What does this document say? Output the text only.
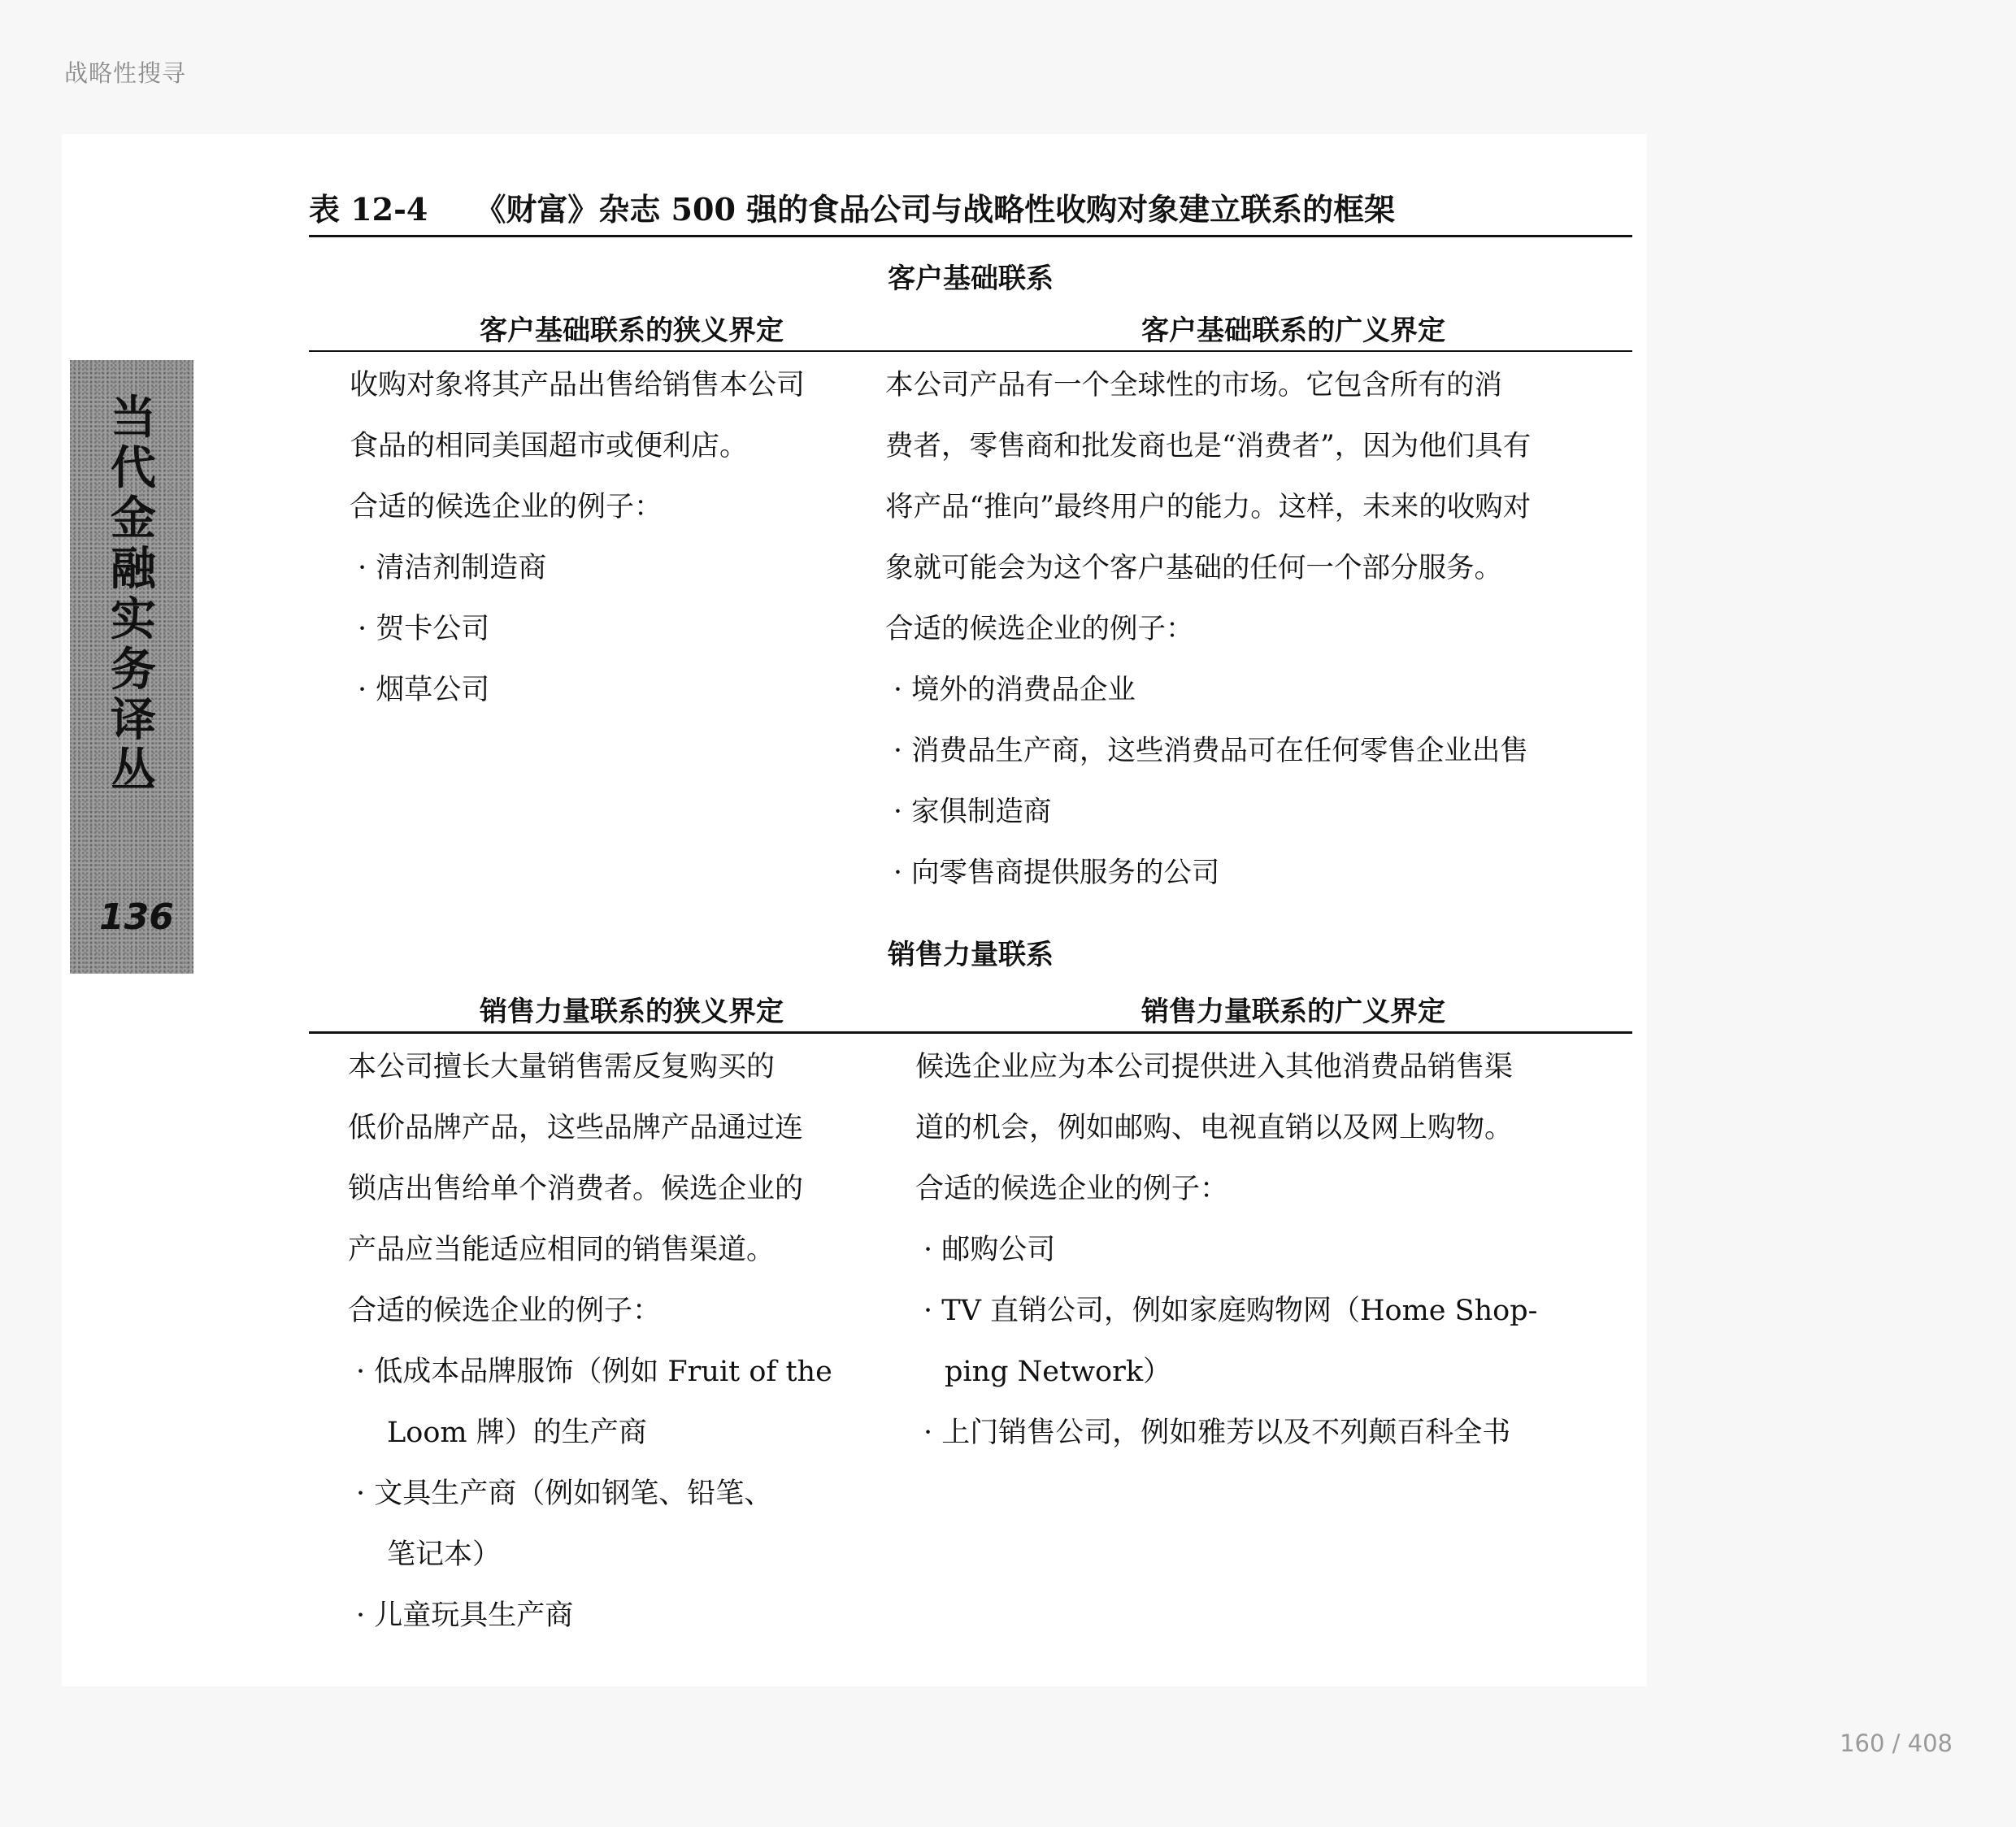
战略性搜寻
当代金融实务译丛
136
表 12-4 《财富》杂志 500 强的食品公司与战略性收购对象建立联系的框架
客户基础联系
客户基础联系的狭义界定	客户基础联系的广义界定

收购对象将其产品出售给销售本公司

食品的相同美国超市或便利店。

合适的候选企业的例子：

· 清洁剂制造商

· 贺卡公司

· 烟草公司

本公司产品有一个全球性的市场。它包含所有的消

费者，零售商和批发商也是“消费者”，因为他们具有

将产品“推向”最终用户的能力。这样，未来的收购对

象就可能会为这个客户基础的任何一个部分服务。

合适的候选企业的例子：

· 境外的消费品企业

· 消费品生产商，这些消费品可在任何零售企业出售

· 家俱制造商

· 向零售商提供服务的公司

销售力量联系
销售力量联系的狭义界定	销售力量联系的广义界定

本公司擅长大量销售需反复购买的

低价品牌产品，这些品牌产品通过连

锁店出售给单个消费者。候选企业的

产品应当能适应相同的销售渠道。

合适的候选企业的例子：

· 低成本品牌服饰（例如 Fruit of the

Loom 牌）的生产商

· 文具生产商（例如钢笔、铅笔、

笔记本）

· 儿童玩具生产商

候选企业应为本公司提供进入其他消费品销售渠

道的机会，例如邮购、电视直销以及网上购物。

合适的候选企业的例子：

· 邮购公司

· TV 直销公司，例如家庭购物网（Home Shop-

ping Network）

· 上门销售公司，例如雅芳以及不列颠百科全书

160 / 408
